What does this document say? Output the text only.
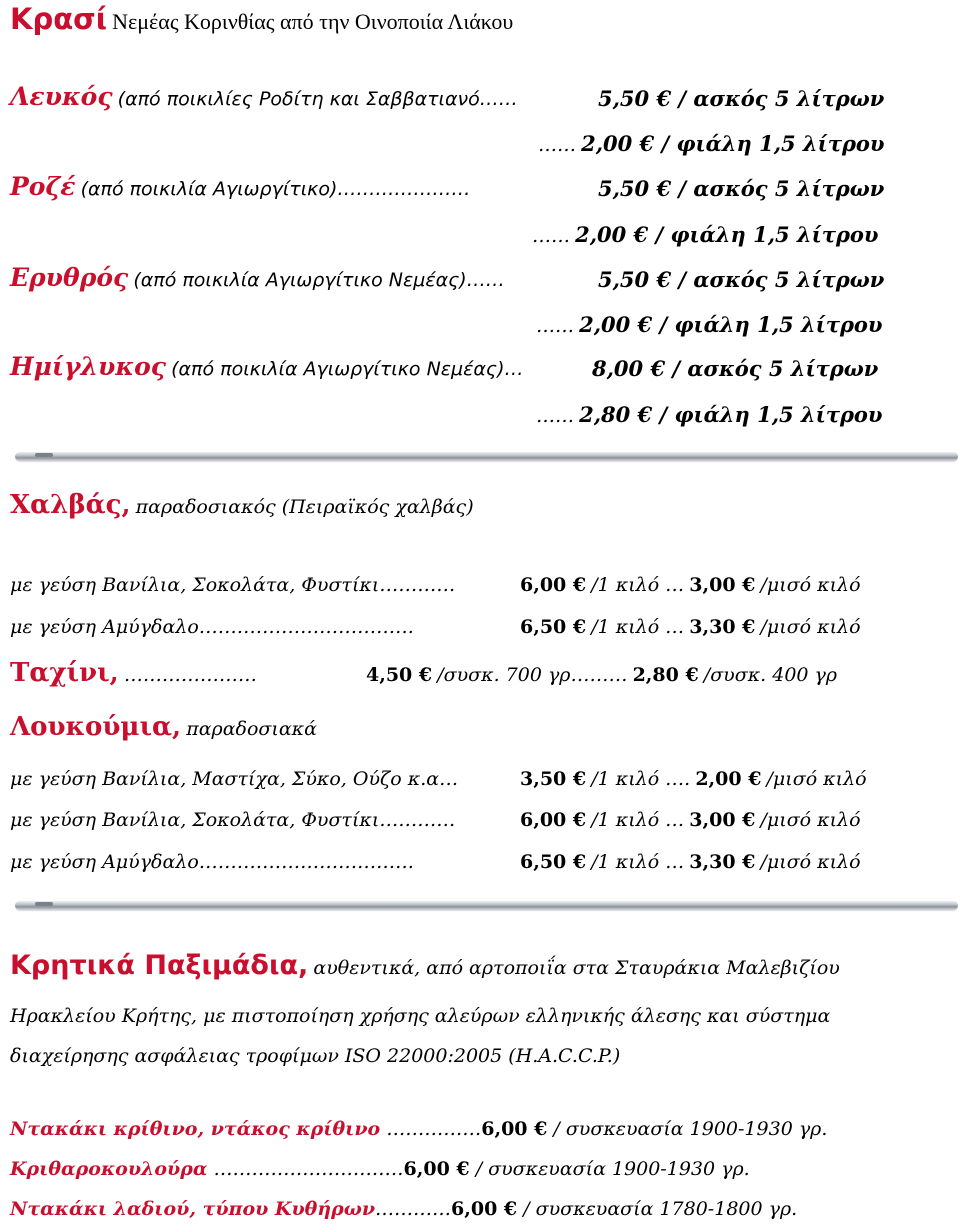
Κρασί Νεμέας Κορινθίας από την Οινοποιία Λιάκου
Λευκός (από ποικιλίες Ροδίτη και Σαββατιανό……	5,50 € / ασκός 5 λίτρων
…… 2,00 € / φιάλη 1,5 λίτρου
Ροζέ (από ποικιλία Αγιωργίτικο)…………………	5,50 € / ασκός 5 λίτρων
…… 2,00 € / φιάλη 1,5 λίτρου
Ερυθρός (από ποικιλία Αγιωργίτικο Νεμέας)……	5,50 € / ασκός 5 λίτρων
…… 2,00 € / φιάλη 1,5 λίτρου
Ημίγλυκος (από ποικιλία Αγιωργίτικο Νεμέας)…	8,00 € / ασκός 5 λίτρων
…… 2,80 € / φιάλη 1,5 λίτρου
Χαλβάς, παραδοσιακός (Πειραϊκός χαλβάς)
με γεύση Βανίλια, Σοκολάτα, Φυστίκι…………	6,00 € /1 κιλό … 3,00 € /μισό κιλό
με γεύση Αμύγδαλο…………………………….	6,50 € /1 κιλό … 3,30 € /μισό κιλό
Ταχίνι, …………………	4,50 € /συσκ. 700 γρ……… 2,80 € /συσκ. 400 γρ
Λουκούμια, παραδοσιακά
με γεύση Βανίλια, Μαστίχα, Σύκο, Ούζο κ.α…	3,50 € /1 κιλό …. 2,00 € /μισό κιλό
με γεύση Βανίλια, Σοκολάτα, Φυστίκι…………	6,00 € /1 κιλό … 3,00 € /μισό κιλό
με γεύση Αμύγδαλο…………………………….	6,50 € /1 κιλό … 3,30 € /μισό κιλό
Κρητικά Παξιμάδια, αυθεντικά, από αρτοποιΐα στα Σταυράκια Μαλεβιζίου
Ηρακλείου Κρήτης, με πιστοποίηση χρήσης αλεύρων ελληνικής άλεσης και σύστημα
διαχείρησης ασφάλειας τροφίμων ISO 22000:2005 (H.A.C.C.P.)
Ντακάκι κρίθινο, ντάκος κρίθινο ……………6,00 € / συσκευασία 1900-1930 γρ.
Κριθαροκουλούρα …………………………6,00 € / συσκευασία 1900-1930 γρ.
Ντακάκι λαδιού, τύπου Κυθήρων…………6,00 € / συσκευασία 1780-1800 γρ.
